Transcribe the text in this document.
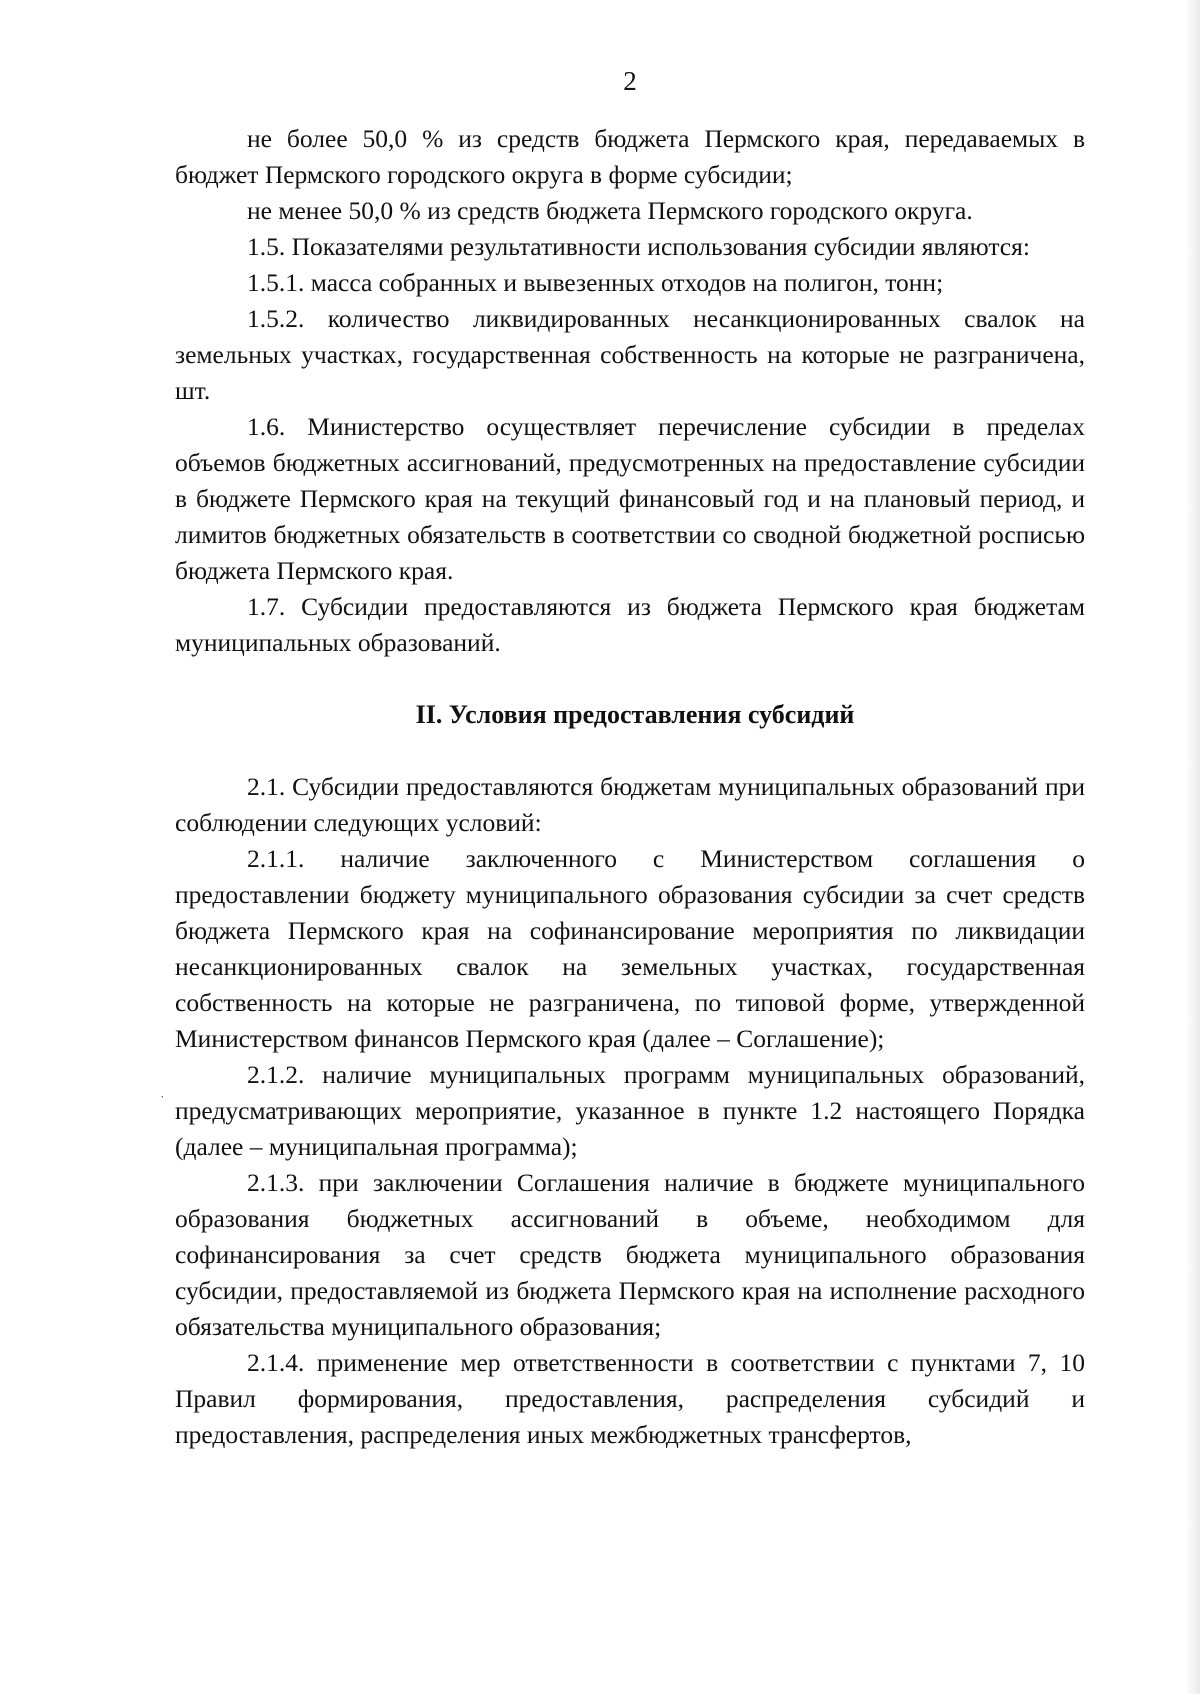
2

не более 50,0 % из средств бюджета Пермского края, передаваемых в бюджет Пермского городского округа в форме субсидии;

не менее 50,0 % из средств бюджета Пермского городского округа.

1.5. Показателями результативности использования субсидии являются:

1.5.1. масса собранных и вывезенных отходов на полигон, тонн;

1.5.2. количество ликвидированных несанкционированных свалок на земельных участках, государственная собственность на которые не разграничена, шт.

1.6. Министерство осуществляет перечисление субсидии в пределах объемов бюджетных ассигнований, предусмотренных на предоставление субсидии в бюджете Пермского края на текущий финансовый год и на плановый период, и лимитов бюджетных обязательств в соответствии со сводной бюджетной росписью бюджета Пермского края.

1.7. Субсидии предоставляются из бюджета Пермского края бюджетам муниципальных образований.

II. Условия предоставления субсидий

2.1. Субсидии предоставляются бюджетам муниципальных образований при соблюдении следующих условий:

2.1.1. наличие заключенного с Министерством соглашения о предоставлении бюджету муниципального образования субсидии за счет средств бюджета Пермского края на софинансирование мероприятия по ликвидации несанкционированных свалок на земельных участках, государственная собственность на которые не разграничена, по типовой форме, утвержденной Министерством финансов Пермского края (далее – Соглашение);

2.1.2. наличие муниципальных программ муниципальных образований, предусматривающих мероприятие, указанное в пункте 1.2 настоящего Порядка (далее – муниципальная программа);

2.1.3. при заключении Соглашения наличие в бюджете муниципального образования бюджетных ассигнований в объеме, необходимом для софинансирования за счет средств бюджета муниципального образования субсидии, предоставляемой из бюджета Пермского края на исполнение расходного обязательства муниципального образования;

2.1.4. применение мер ответственности в соответствии с пунктами 7, 10 Правил формирования, предоставления, распределения субсидий и предоставления, распределения иных межбюджетных трансфертов,

˙
